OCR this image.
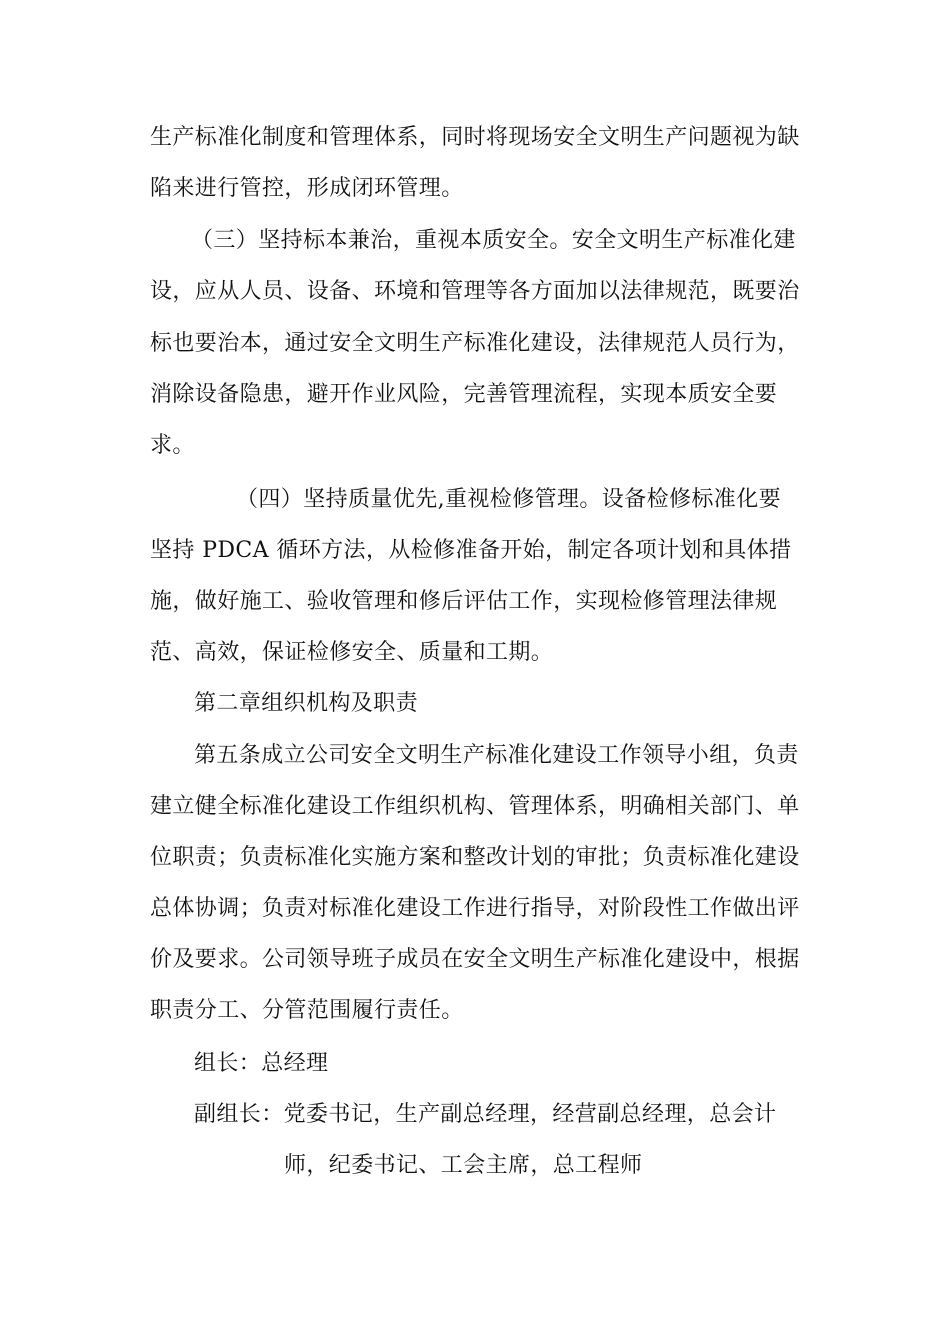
生产标准化制度和管理体系，同时将现场安全文明生产问题视为缺
陷来进行管控，形成闭环管理。
（三）坚持标本兼治，重视本质安全。安全文明生产标准化建
设，应从人员、设备、环境和管理等各方面加以法律规范，既要治
标也要治本，通过安全文明生产标准化建设，法律规范人员行为，
消除设备隐患，避开作业风险，完善管理流程，实现本质安全要
求。
（四）坚持质量优先,重视检修管理。设备检修标准化要
坚持 PDCA 循环方法，从检修准备开始，制定各项计划和具体措
施，做好施工、验收管理和修后评估工作，实现检修管理法律规
范、高效，保证检修安全、质量和工期。
第二章组织机构及职责
第五条成立公司安全文明生产标准化建设工作领导小组，负责
建立健全标准化建设工作组织机构、管理体系，明确相关部门、单
位职责；负责标准化实施方案和整改计划的审批；负责标准化建设
总体协调；负责对标准化建设工作进行指导，对阶段性工作做出评
价及要求。公司领导班子成员在安全文明生产标准化建设中，根据
职责分工、分管范围履行责任。
组长：总经理
副组长：党委书记，生产副总经理，经营副总经理，总会计
师，纪委书记、工会主席，总工程师
